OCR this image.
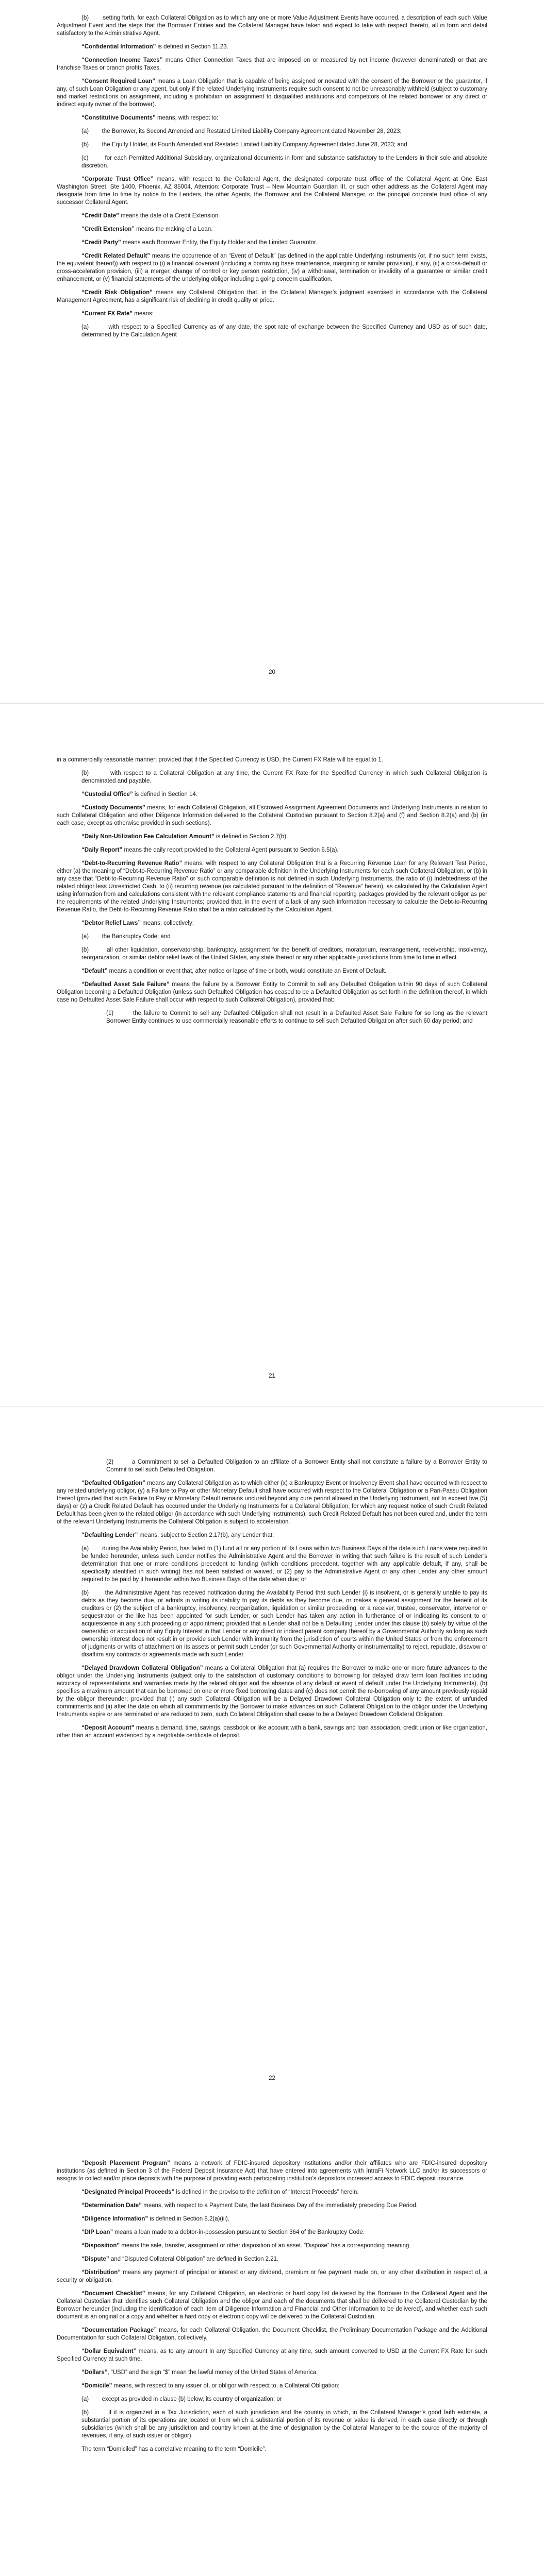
(b)        setting forth, for each Collateral Obligation as to which any one or more Value Adjustment Events have occurred, a description of each such Value Adjustment Event and the steps that the Borrower Entities and the Collateral Manager have taken and expect to take with respect thereto, all in form and detail satisfactory to the Administrative Agent.

“Confidential Information” is defined in Section 11.23.

“Connection Income Taxes” means Other Connection Taxes that are imposed on or measured by net income (however denominated) or that are franchise Taxes or branch profits Taxes.

“Consent Required Loan” means a Loan Obligation that is capable of being assigned or novated with the consent of the Borrower or the guarantor, if any, of such Loan Obligation or any agent, but only if the related Underlying Instruments require such consent to not be unreasonably withheld (subject to customary and market restrictions on assignment, including a prohibition on assignment to disqualified institutions and competitors of the related borrower or any direct or indirect equity owner of the borrower).

“Constitutive Documents” means, with respect to:

(a)        the Borrower, its Second Amended and Restated Limited Liability Company Agreement dated November 28, 2023;

(b)        the Equity Holder, its Fourth Amended and Restated Limited Liability Company Agreement dated June 28, 2023; and

(c)        for each Permitted Additional Subsidiary, organizational documents in form and substance satisfactory to the Lenders in their sole and absolute discretion.

“Corporate Trust Office” means, with respect to the Collateral Agent, the designated corporate trust office of the Collateral Agent at One East Washington Street, Ste 1400, Phoenix, AZ 85004, Attention: Corporate Trust – New Mountain Guardian III, or such other address as the Collateral Agent may designate from time to time by notice to the Lenders, the other Agents, the Borrower and the Collateral Manager, or the principal corporate trust office of any successor Collateral Agent.

“Credit Date” means the date of a Credit Extension.

“Credit Extension” means the making of a Loan.

“Credit Party” means each Borrower Entity, the Equity Holder and the Limited Guarantor.

“Credit Related Default” means the occurrence of an “Event of Default” (as defined in the applicable Underlying Instruments (or, if no such term exists, the equivalent thereof)) with respect to (i) a financial covenant (including a borrowing base maintenance, margining or similar provision), if any, (ii) a cross-default or cross-acceleration provision, (iii) a merger, change of control or key person restriction, (iv) a withdrawal, termination or invalidity of a guarantee or similar credit enhancement, or (v) financial statements of the underlying obligor including a going concern qualification.

“Credit Risk Obligation” means any Collateral Obligation that, in the Collateral Manager’s judgment exercised in accordance with the Collateral Management Agreement, has a significant risk of declining in credit quality or price.

“Current FX Rate” means:

(a)        with respect to a Specified Currency as of any date, the spot rate of exchange between the Specified Currency and USD as of such date, determined by the Calculation Agent

20

in a commercially reasonable manner; provided that if the Specified Currency is USD, the Current FX Rate will be equal to 1.

(b)        with respect to a Collateral Obligation at any time, the Current FX Rate for the Specified Currency in which such Collateral Obligation is denominated and payable.

“Custodial Office” is defined in Section 14.

“Custody Documents” means, for each Collateral Obligation, all Escrowed Assignment Agreement Documents and Underlying Instruments in relation to such Collateral Obligation and other Diligence Information delivered to the Collateral Custodian pursuant to Section 8.2(a) and (f) and Section 8.2(a) and (b) (in each case, except as otherwise provided in such sections).

“Daily Non-Utilization Fee Calculation Amount” is defined in Section 2.7(b).

“Daily Report” means the daily report provided to the Collateral Agent pursuant to Section 6.5(a).

“Debt-to-Recurring Revenue Ratio” means, with respect to any Collateral Obligation that is a Recurring Revenue Loan for any Relevant Test Period, either (a) the meaning of “Debt-to-Recurring Revenue Ratio” or any comparable definition in the Underlying Instruments for each such Collateral Obligation, or (b) in any case that “Debt-to-Recurring Revenue Ratio” or such comparable definition is not defined in such Underlying Instruments, the ratio of (i) Indebtedness of the related obligor less Unrestricted Cash, to (ii) recurring revenue (as calculated pursuant to the definition of “Revenue” herein), as calculated by the Calculation Agent using information from and calculations consistent with the relevant compliance statements and financial reporting packages provided by the relevant obligor as per the requirements of the related Underlying Instruments; provided that, in the event of a lack of any such information necessary to calculate the Debt-to-Recurring Revenue Ratio, the Debt-to-Recurring Revenue Ratio shall be a ratio calculated by the Calculation Agent.

“Debtor Relief Laws” means, collectively:

(a)        the Bankruptcy Code; and

(b)        all other liquidation, conservatorship, bankruptcy, assignment for the benefit of creditors, moratorium, rearrangement, receivership, insolvency, reorganization, or similar debtor relief laws of the United States, any state thereof or any other applicable jurisdictions from time to time in effect.

“Default” means a condition or event that, after notice or lapse of time or both, would constitute an Event of Default.

“Defaulted Asset Sale Failure” means the failure by a Borrower Entity to Commit to sell any Defaulted Obligation within 90 days of such Collateral Obligation becoming a Defaulted Obligation (unless such Defaulted Obligation has ceased to be a Defaulted Obligation as set forth in the definition thereof, in which case no Defaulted Asset Sale Failure shall occur with respect to such Collateral Obligation), provided that:

(1)        the failure to Commit to sell any Defaulted Obligation shall not result in a Defaulted Asset Sale Failure for so long as the relevant Borrower Entity continues to use commercially reasonable efforts to continue to sell such Defaulted Obligation after such 60 day period; and

21

(2)        a Commitment to sell a Defaulted Obligation to an affiliate of a Borrower Entity shall not constitute a failure by a Borrower Entity to Commit to sell such Defaulted Obligation.

“Defaulted Obligation” means any Collateral Obligation as to which either (x) a Bankruptcy Event or Insolvency Event shall have occurred with respect to any related underlying obligor, (y) a Failure to Pay or other Monetary Default shall have occurred with respect to the Collateral Obligation or a Pari-Passu Obligation thereof (provided that such Failure to Pay or Monetary Default remains uncured beyond any cure period allowed in the Underlying Instrument, not to exceed five (5) days) or (z) a Credit Related Default has occurred under the Underlying Instruments for a Collateral Obligation, for which any request notice of such Credit Related Default has been given to the related obligor (in accordance with such Underlying Instruments), such Credit Related Default has not been cured and, under the term of the relevant Underlying Instruments the Collateral Obligation is subject to acceleration.

“Defaulting Lender” means, subject to Section 2.17(b), any Lender that:

(a)        during the Availability Period, has failed to (1) fund all or any portion of its Loans within two Business Days of the date such Loans were required to be funded hereunder, unless such Lender notifies the Administrative Agent and the Borrower in writing that such failure is the result of such Lender’s determination that one or more conditions precedent to funding (which conditions precedent, together with any applicable default, if any, shall be specifically identified in such writing) has not been satisfied or waived, or (2) pay to the Administrative Agent or any other Lender any other amount required to be paid by it hereunder within two Business Days of the date when due; or

(b)        the Administrative Agent has received notification during the Availability Period that such Lender (i) is insolvent, or is generally unable to pay its debts as they become due, or admits in writing its inability to pay its debts as they become due, or makes a general assignment for the benefit of its creditors or (2) the subject of a bankruptcy, insolvency, reorganization, liquidation or similar proceeding, or a receiver, trustee, conservator, intervenor or sequestrator or the like has been appointed for such Lender, or such Lender has taken any action in furtherance of or indicating its consent to or acquiescence in any such proceeding or appointment; provided that a Lender shall not be a Defaulting Lender under this clause (b) solely by virtue of the ownership or acquisition of any Equity Interest in that Lender or any direct or indirect parent company thereof by a Governmental Authority so long as such ownership interest does not result in or provide such Lender with immunity from the jurisdiction of courts within the United States or from the enforcement of judgments or writs of attachment on its assets or permit such Lender (or such Governmental Authority or instrumentality) to reject, repudiate, disavow or disaffirm any contracts or agreements made with such Lender.

“Delayed Drawdown Collateral Obligation” means a Collateral Obligation that (a) requires the Borrower to make one or more future advances to the obligor under the Underlying Instruments (subject only to the satisfaction of customary conditions to borrowing for delayed draw term loan facilities including accuracy of representations and warranties made by the related obligor and the absence of any default or event of default under the Underlying Instruments), (b) specifies a maximum amount that can be borrowed on one or more fixed borrowing dates and (c) does not permit the re-borrowing of any amount previously repaid by the obligor thereunder; provided that (i) any such Collateral Obligation will be a Delayed Drawdown Collateral Obligation only to the extent of unfunded commitments and (ii) after the date on which all commitments by the Borrower to make advances on such Collateral Obligation to the obligor under the Underlying Instruments expire or are terminated or are reduced to zero, such Collateral Obligation shall cease to be a Delayed Drawdown Collateral Obligation.

“Deposit Account” means a demand, time, savings, passbook or like account with a bank, savings and loan association, credit union or like organization, other than an account evidenced by a negotiable certificate of deposit.

22

“Deposit Placement Program” means a network of FDIC-insured depository institutions and/or their affiliates who are FDIC-insured depository institutions (as defined in Section 3 of the Federal Deposit Insurance Act) that have entered into agreements with IntraFi Network LLC and/or its successors or assigns to collect and/or place deposits with the purpose of providing each participating institution’s depositors increased access to FDIC deposit insurance.

“Designated Principal Proceeds” is defined in the proviso to the definition of “Interest Proceeds” herein.

“Determination Date” means, with respect to a Payment Date, the last Business Day of the immediately preceding Due Period.

“Diligence Information” is defined in Section 8.2(a)(iii).

“DIP Loan” means a loan made to a debtor-in-possession pursuant to Section 364 of the Bankruptcy Code.

“Disposition” means the sale, transfer, assignment or other disposition of an asset. “Dispose” has a corresponding meaning.

“Dispute” and “Disputed Collateral Obligation” are defined in Section 2.21.

“Distribution” means any payment of principal or interest or any dividend, premium or fee payment made on, or any other distribution in respect of, a security or obligation.

“Document Checklist” means, for any Collateral Obligation, an electronic or hard copy list delivered by the Borrower to the Collateral Agent and the Collateral Custodian that identifies such Collateral Obligation and the obligor and each of the documents that shall be delivered to the Collateral Custodian by the Borrower hereunder (including the identification of each item of Diligence Information and Financial and Other Information to be delivered), and whether each such document is an original or a copy and whether a hard copy or electronic copy will be delivered to the Collateral Custodian.

“Documentation Package” means, for each Collateral Obligation, the Document Checklist, the Preliminary Documentation Package and the Additional Documentation for such Collateral Obligation, collectively.

“Dollar Equivalent” means, as to any amount in any Specified Currency at any time, such amount converted to USD at the Current FX Rate for such Specified Currency at such time.

“Dollars”, “USD” and the sign “$” mean the lawful money of the United States of America.

“Domicile” means, with respect to any issuer of, or obligor with respect to, a Collateral Obligation:

(a)        except as provided in clause (b) below, its country of organization; or

(b)        if it is organized in a Tax Jurisdiction, each of such jurisdiction and the country in which, in the Collateral Manager’s good faith estimate, a substantial portion of its operations are located or from which a substantial portion of its revenue or value is derived, in each case directly or through subsidiaries (which shall be any jurisdiction and country known at the time of designation by the Collateral Manager to be the source of the majority of revenues, if any, of such issuer or obligor).

The term “Domiciled” has a correlative meaning to the term “Domicile”.
